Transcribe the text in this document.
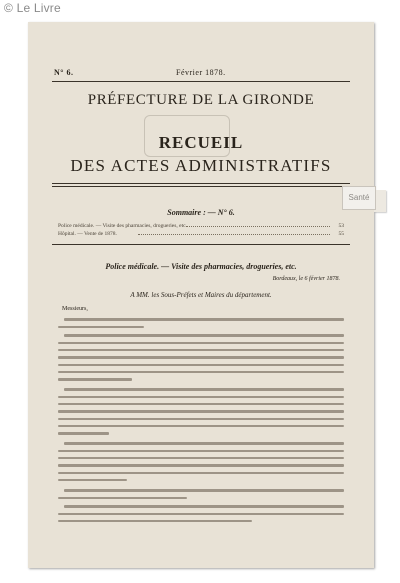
© Le Livre
N° 6.	Février 1878.
PRÉFECTURE DE LA GIRONDE
RECUEIL
DES ACTES ADMINISTRATIFS
Sommaire : — N° 6.
Police médicale. — Visite des pharmacies, drogueries, etc.	53
Hôpital. — Vente de 1878.	55
Police médicale. — Visite des pharmacies, drogueries, etc.
Bordeaux, le 6 février 1878.
A MM. les Sous-Préfets et Maires du département.
Messieurs,
Santé
